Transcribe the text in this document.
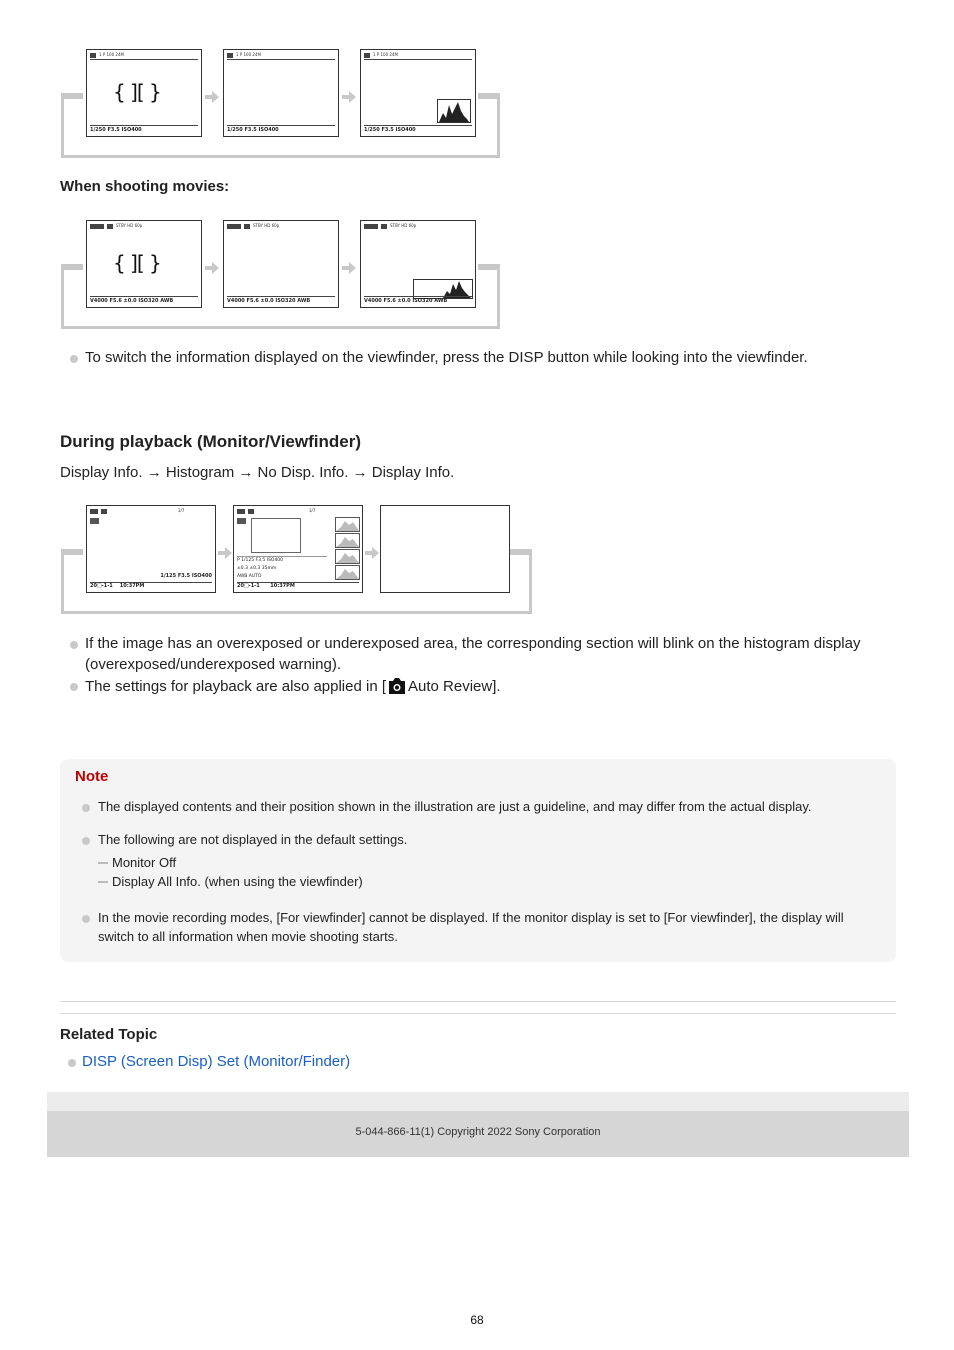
1 P 100 24M
{ ][ }
1/250 F3.5 ISO400
1 P 100 24M
1/250 F3.5 ISO400
1 P 100 24M
1/250 F3.5 ISO400
When shooting movies:
STBY HD 60p
{ ][ }
V4000 F5.6 ±0.0 ISO320 AWB
STBY HD 60p
V4000 F5.6 ±0.0 ISO320 AWB
STBY HD 60p
V4000 F5.6 ±0.0 ISO320 AWB
To switch the information displayed on the viewfinder, press the DISP button while looking into the viewfinder.
During playback (Monitor/Viewfinder)
Display Info. → Histogram → No Disp. Info. → Display Info.
3/7
1/125 F3.5 ISO400
20□-1-1 10:37PM
3/7
P 1/125 F3.5 ISO400
±0.3 ±0.3 35mm
AWB AUTO
20□-1-1 10:37PM
If the image has an overexposed or underexposed area, the corresponding section will blink on the histogram display (overexposed/underexposed warning).
The settings for playback are also applied in [ Auto Review].
Note
The displayed contents and their position shown in the illustration are just a guideline, and may differ from the actual display.
The following are not displayed in the default settings.
Monitor Off
Display All Info. (when using the viewfinder)
In the movie recording modes, [For viewfinder] cannot be displayed. If the monitor display is set to [For viewfinder], the display will switch to all information when movie shooting starts.
Related Topic
DISP (Screen Disp) Set (Monitor/Finder)
5-044-866-11(1) Copyright 2022 Sony Corporation
68
